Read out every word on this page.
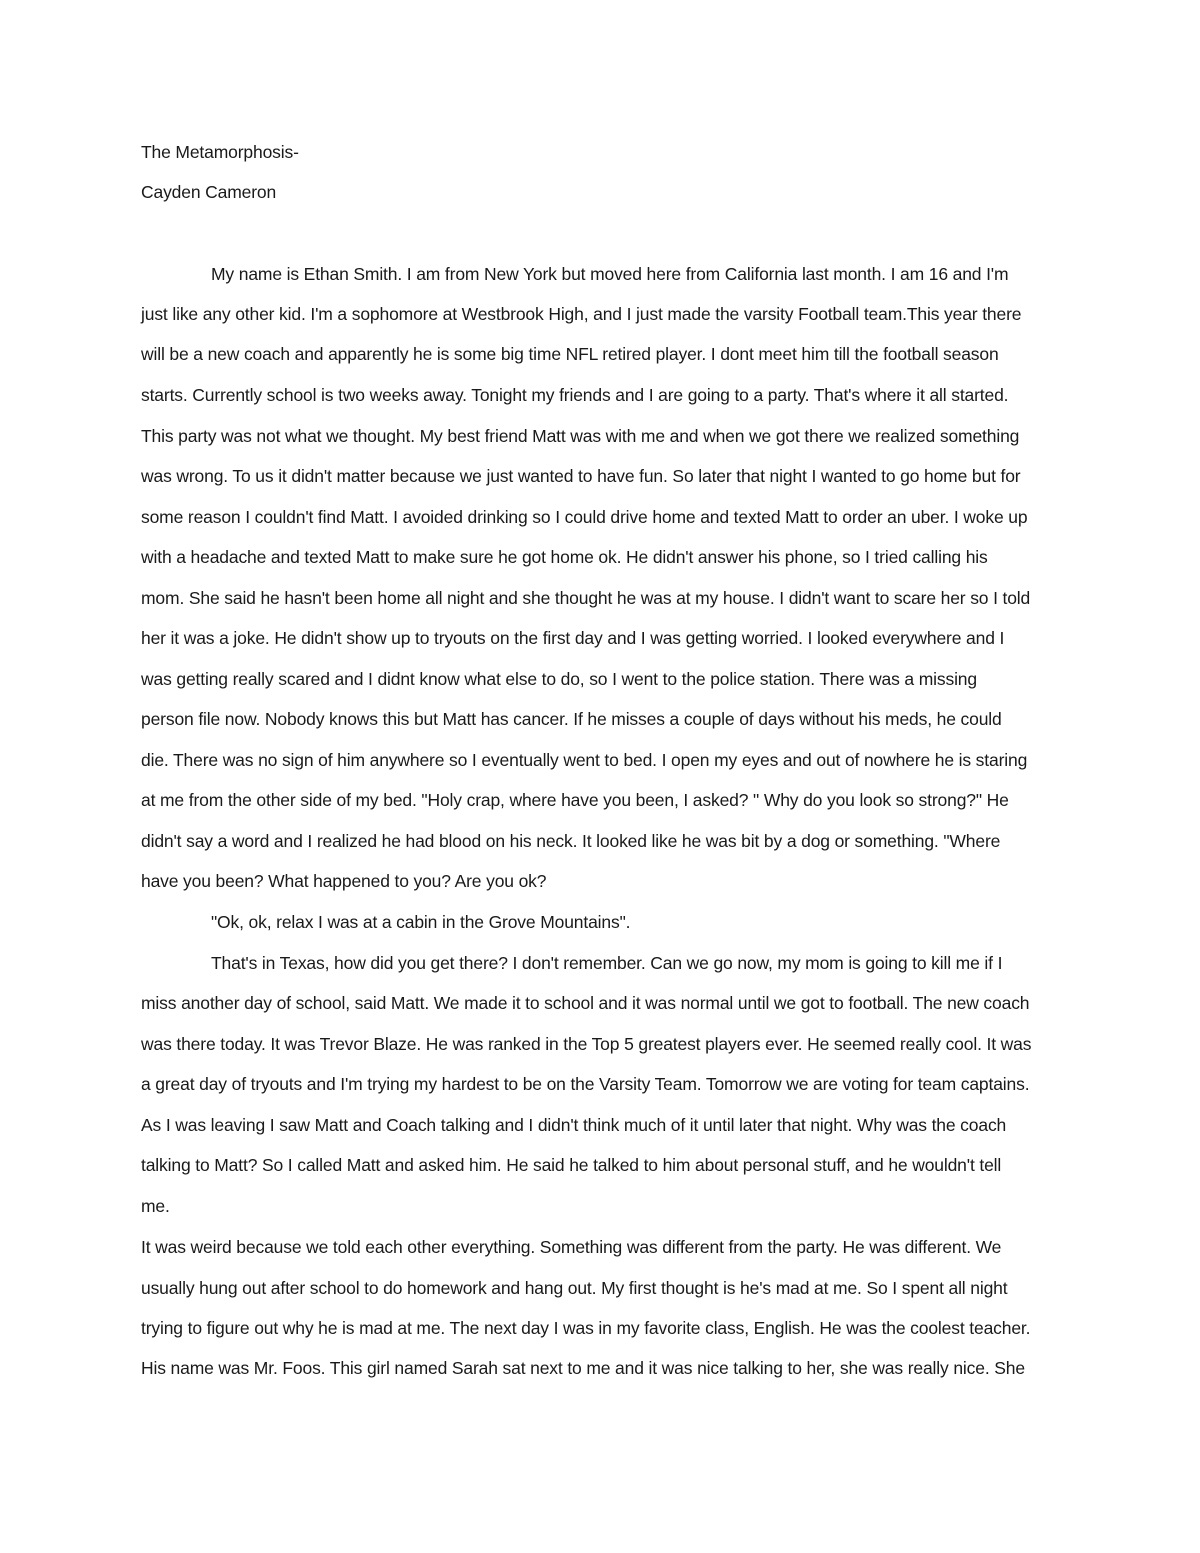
The Metamorphosis-
Cayden Cameron
My name is Ethan Smith. I am from New York but moved here from California last month. I am 16 and I'm
just like any other kid. I'm a sophomore at Westbrook High, and I just made the varsity Football team.This year there
will be a new coach and apparently he is some big time NFL retired player. I dont meet him till the football season
starts. Currently school is two weeks away. Tonight my friends and I are going to a party. That's where it all started.
This party was not what we thought. My best friend Matt was with me and when we got there we realized something
was wrong. To us it didn't matter because we just wanted to have fun. So later that night I wanted to go home but for
some reason I couldn't find Matt. I avoided drinking so I could drive home and texted Matt to order an uber. I woke up
with a headache and texted Matt to make sure he got home ok. He didn't answer his phone, so I tried calling his
mom. She said he hasn't been home all night and she thought he was at my house. I didn't want to scare her so I told
her it was a joke. He didn't show up to tryouts on the first day and I was getting worried. I looked everywhere and I
was getting really scared and I didnt know what else to do, so I went to the police station. There was a missing
person file now. Nobody knows this but Matt has cancer. If he misses a couple of days without his meds, he could
die. There was no sign of him anywhere so I eventually went to bed. I open my eyes and out of nowhere he is staring
at me from the other side of my bed. "Holy crap, where have you been, I asked? " Why do you look so strong?" He
didn't say a word and I realized he had blood on his neck. It looked like he was bit by a dog or something. "Where
have you been? What happened to you? Are you ok?
"Ok, ok, relax I was at a cabin in the Grove Mountains".
That's in Texas, how did you get there? I don't remember. Can we go now, my mom is going to kill me if I
miss another day of school, said Matt. We made it to school and it was normal until we got to football. The new coach
was there today. It was Trevor Blaze. He was ranked in the Top 5 greatest players ever. He seemed really cool. It was
a great day of tryouts and I'm trying my hardest to be on the Varsity Team. Tomorrow we are voting for team captains.
As I was leaving I saw Matt and Coach talking and I didn't think much of it until later that night. Why was the coach
talking to Matt? So I called Matt and asked him. He said he talked to him about personal stuff, and he wouldn't tell
me.
It was weird because we told each other everything. Something was different from the party. He was different. We
usually hung out after school to do homework and hang out. My first thought is he's mad at me. So I spent all night
trying to figure out why he is mad at me. The next day I was in my favorite class, English. He was the coolest teacher.
His name was Mr. Foos. This girl named Sarah sat next to me and it was nice talking to her, she was really nice. She
